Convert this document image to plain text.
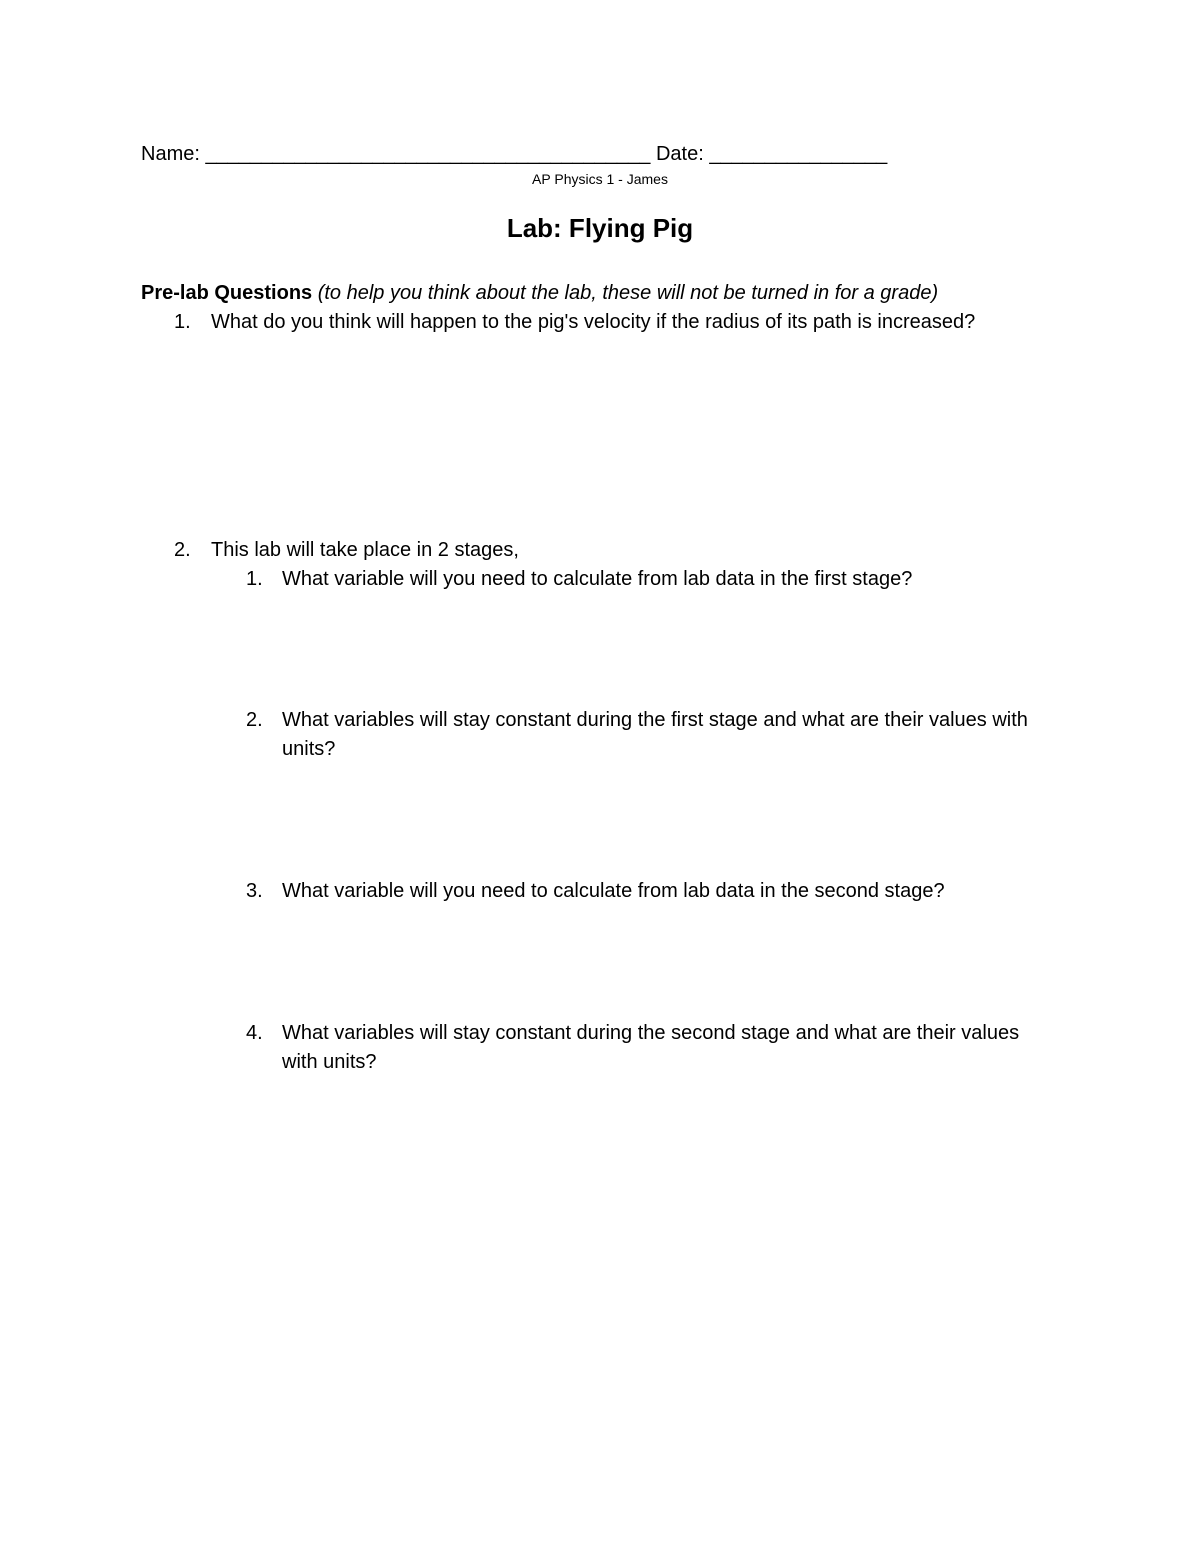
Name: ________________________________________ Date: ________________
AP Physics 1 - James
Lab: Flying Pig
Pre-lab Questions (to help you think about the lab, these will not be turned in for a grade)
1. What do you think will happen to the pig's velocity if the radius of its path is increased?
2. This lab will take place in 2 stages,
1. What variable will you need to calculate from lab data in the first stage?
2. What variables will stay constant during the first stage and what are their values with units?
3. What variable will you need to calculate from lab data in the second stage?
4. What variables will stay constant during the second stage and what are their values with units?
